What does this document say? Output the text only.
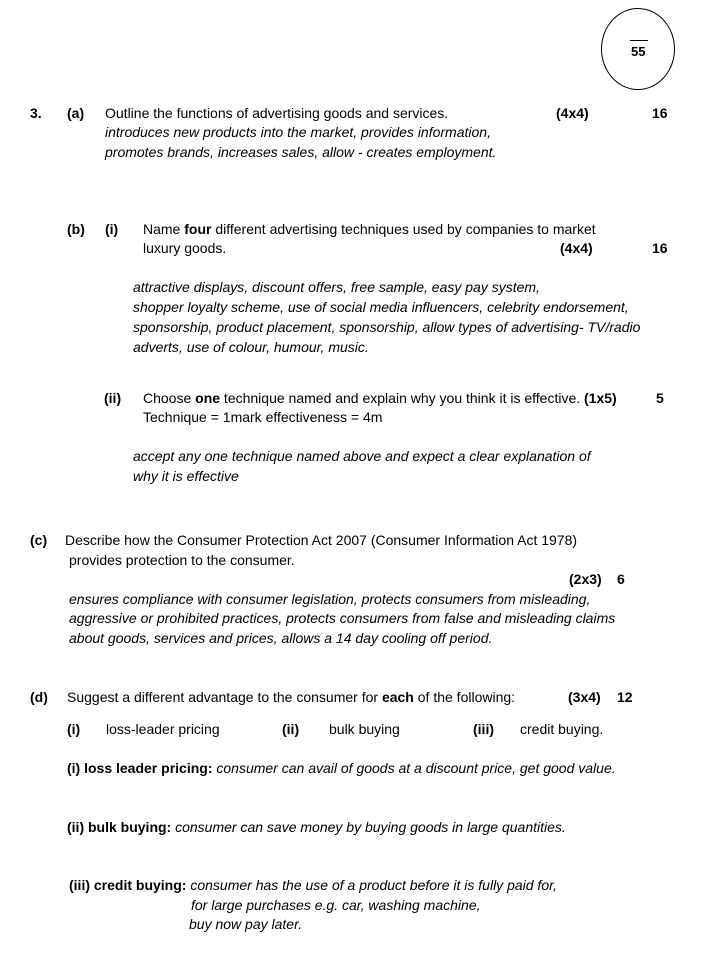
55
3. (a) Outline the functions of advertising goods and services.	(4x4)	16
introduces new products into the market, provides information,
promotes brands, increases sales, allow - creates employment.
(b) (i) Name four different advertising techniques used by companies to market
luxury goods.	(4x4)	16
attractive displays, discount offers, free sample, easy pay system,
shopper loyalty scheme, use of social media influencers, celebrity endorsement,
sponsorship, product placement, sponsorship, allow types of advertising- TV/radio
adverts, use of colour, humour, music.
(ii) Choose one technique named and explain why you think it is effective. (1x5)	5
Technique = 1mark effectiveness = 4m
accept any one technique named above and expect a clear explanation of
why it is effective
(c) Describe how the Consumer Protection Act 2007 (Consumer Information Act 1978)
provides protection to the consumer.
(2x3) 6
ensures compliance with consumer legislation, protects consumers from misleading,
aggressive or prohibited practices, protects consumers from false and misleading claims
about goods, services and prices, allows a 14 day cooling off period.
(d) Suggest a different advantage to the consumer for each of the following:	(3x4) 12
(i) loss-leader pricing	(ii) bulk buying	(iii) credit buying.
(i) loss leader pricing: consumer can avail of goods at a discount price, get good value.
(ii) bulk buying: consumer can save money by buying goods in large quantities.
(iii) credit buying: consumer has the use of a product before it is fully paid for,
for large purchases e.g. car, washing machine,
buy now pay later.
